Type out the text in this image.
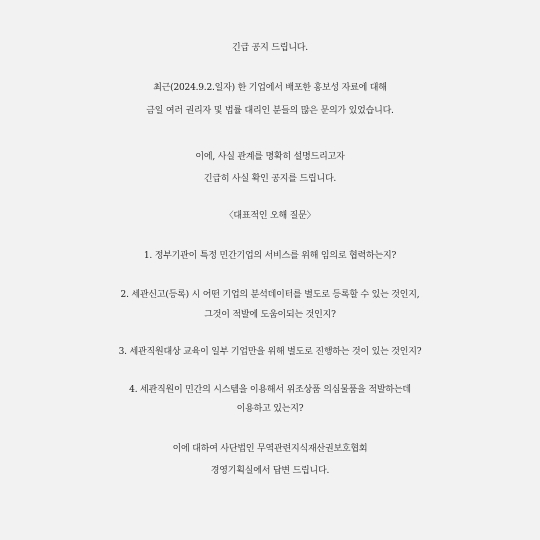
긴급 공지 드립니다.
최근(2024.9.2.일자) 한 기업에서 배포한 홍보성 자료에 대해
금일 여러 권리자 및 법률 대리인 분들의 많은 문의가 있었습니다.
이에, 사실 관계를 명확히 설명드리고자
긴급히 사실 확인 공지를 드립니다.
〈대표적인 오해 질문〉
1. 정부기관이 특정 민간기업의 서비스를 위해 임의로 협력하는지?
2. 세관신고(등록) 시 어떤 기업의 분석데이터를 별도로 등록할 수 있는 것인지,
그것이 적발에 도움이되는 것인지?
3. 세관직원대상 교육이 일부 기업만을 위해 별도로 진행하는 것이 있는 것인지?
4. 세관직원이 민간의 시스템을 이용해서 위조상품 의심물품을 적발하는데
이용하고 있는지?
이에 대하여 사단법인 무역관련지식재산권보호협회
경영기획실에서 답변 드립니다.
